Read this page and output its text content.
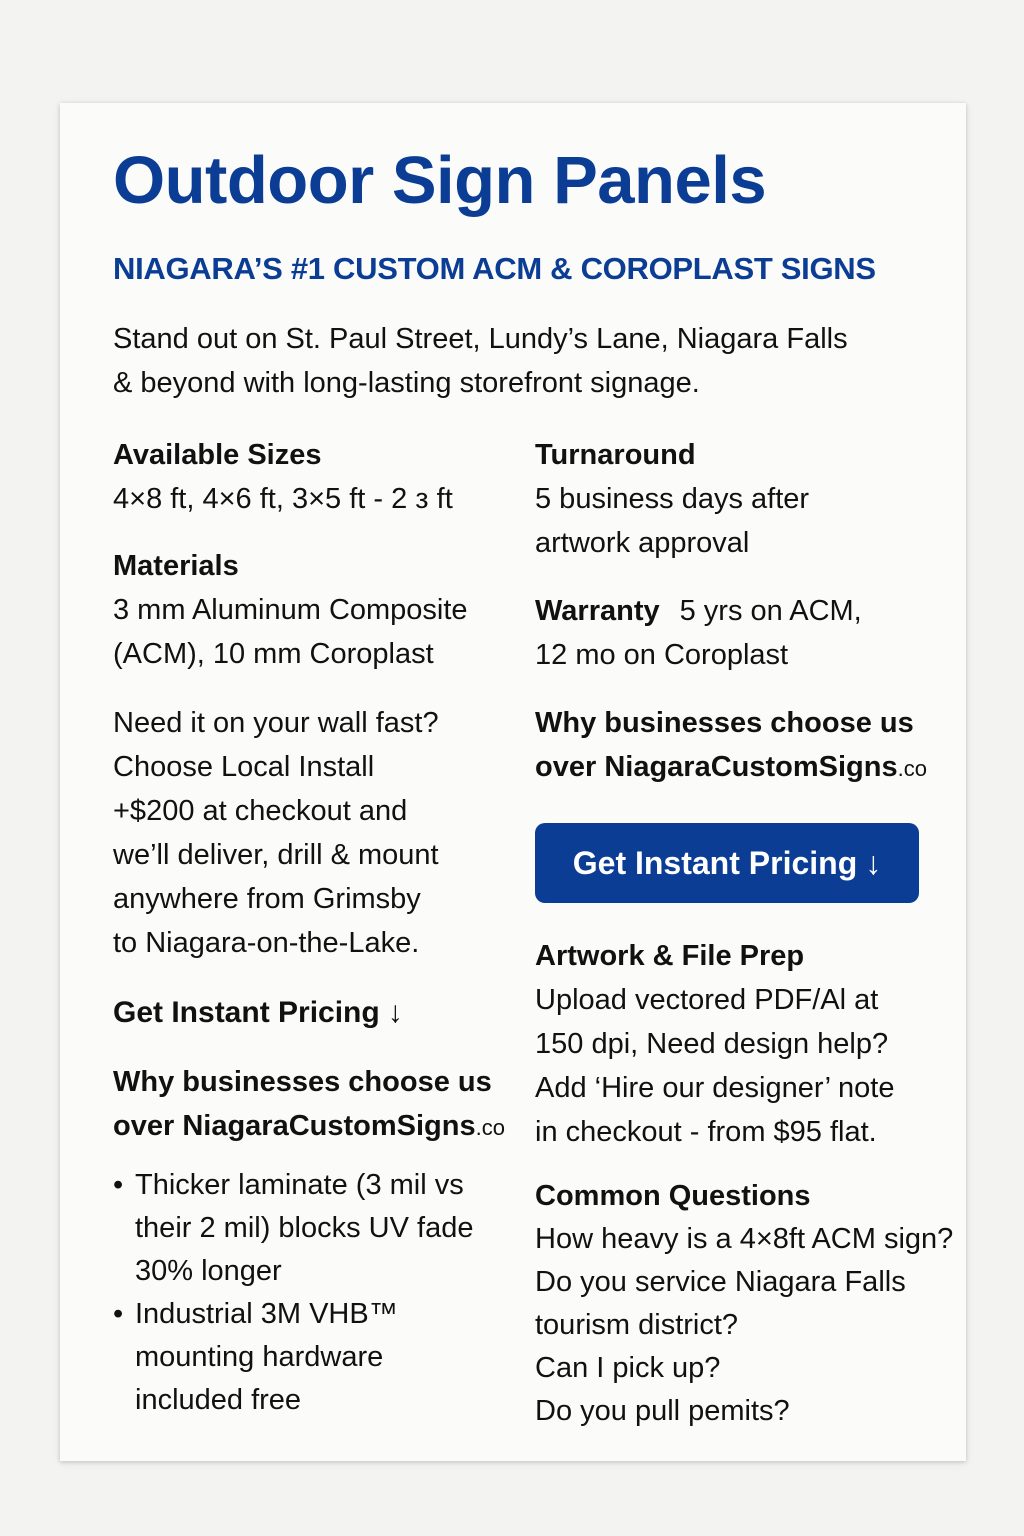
Outdoor Sign Panels
NIAGARA’S #1 CUSTOM ACM & COROPLAST SIGNS
Stand out on St. Paul Street, Lundy’s Lane, Niagara Falls
& beyond with long-lasting storefront signage.
Available Sizes
4×8 ft, 4×6 ft, 3×5 ft - 2 з ft
Materials
3 mm Aluminum Composite
(ACM), 10 mm Coroplast
Need it on your wall fast?
Choose Local Install
+$200 at checkout and
we’ll deliver, drill & mount
anywhere from Grimsby
to Niagara-on-the-Lake.
Get Instant Pricing ↓
Why businesses choose us
over NiagaraCustomSigns.co
• Thicker laminate (3 mil vs
their 2 mil) blocks UV fade
30% longer
• Industrial 3M VHB™
mounting hardware
included free
Turnaround
5 business days after
artwork approval
Warranty 5 yrs on ACM,
12 mo on Coroplast
Why businesses choose us
over NiagaraCustomSigns.co
Get Instant Pricing ↓
Artwork & File Prep
Upload vectored PDF/Al at
150 dpi, Need design help?
Add ‘Hire our designer’ note
in checkout - from $95 flat.
Common Questions
How heavy is a 4×8ft ACM sign?
Do you service Niagara Falls
tourism district?
Can I pick up?
Do you pull pemits?
